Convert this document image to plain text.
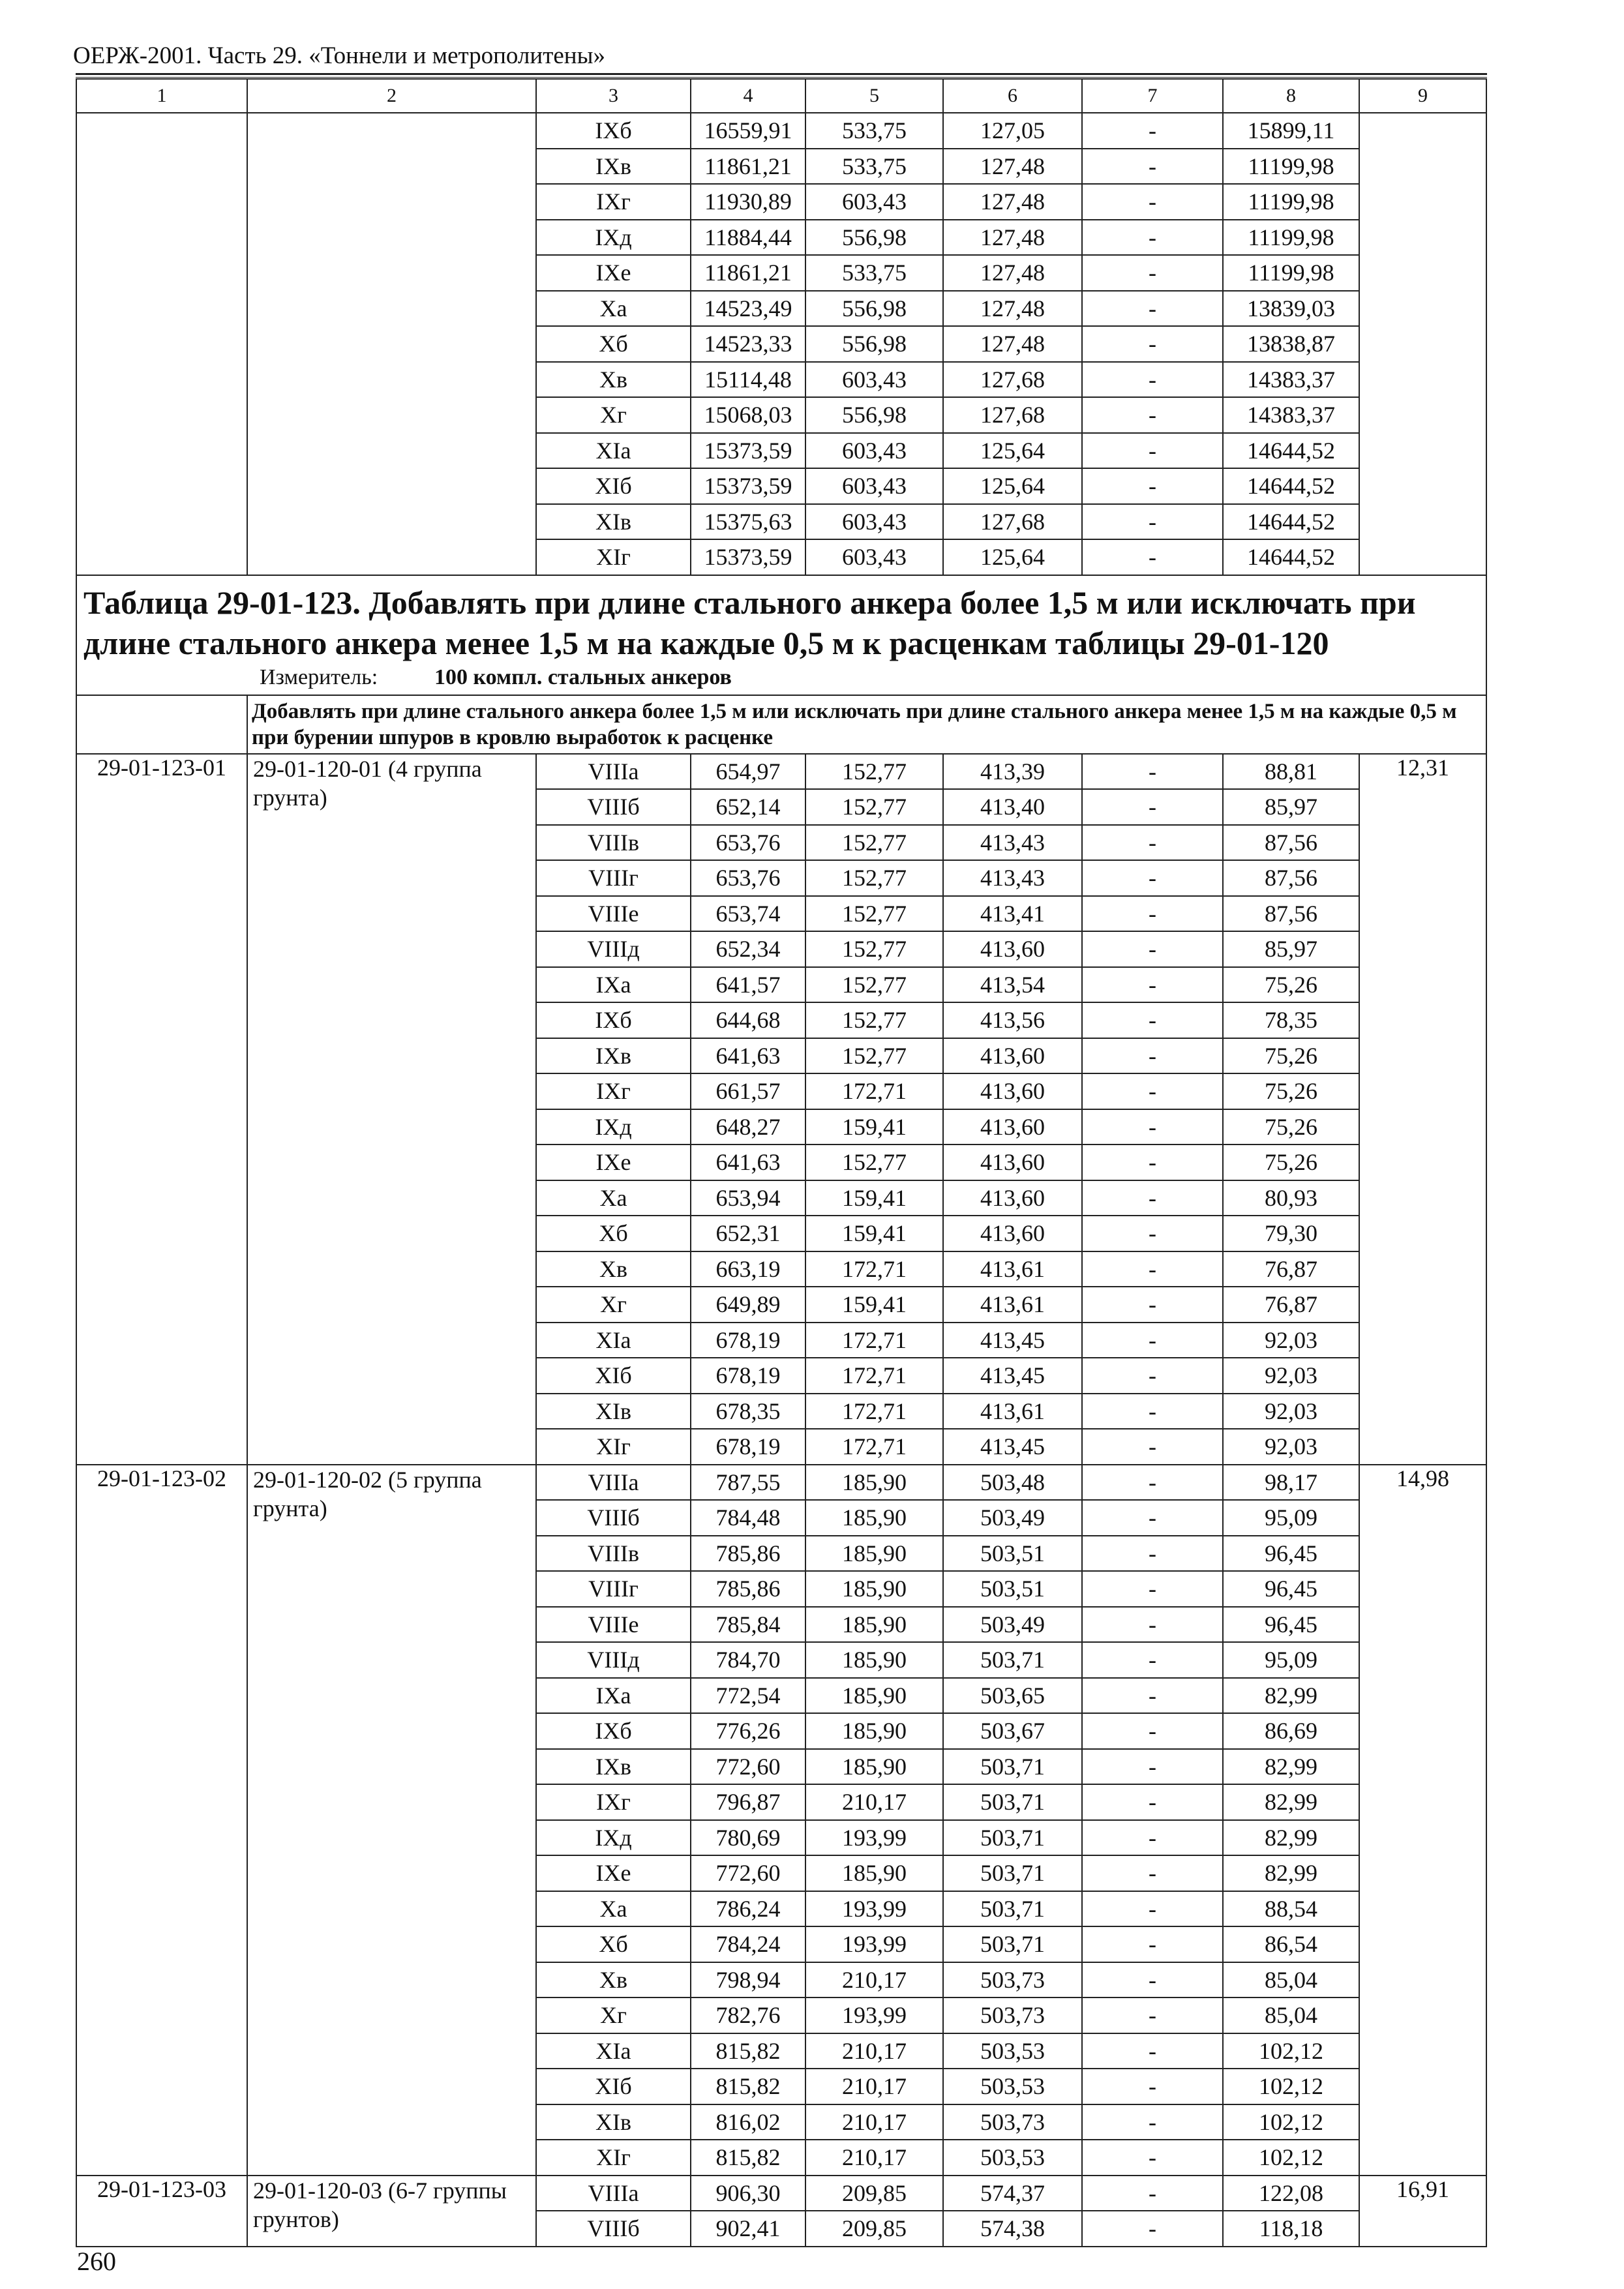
ОЕРЖ-2001. Часть 29. «Тоннели и метрополитены»
1	2	3	4	5	6	7	8	9
		IXб	16559,91	533,75	127,05	-	15899,11	
		IXв	11861,21	533,75	127,48	-	11199,98	
		IXг	11930,89	603,43	127,48	-	11199,98	
		IXд	11884,44	556,98	127,48	-	11199,98	
		IXе	11861,21	533,75	127,48	-	11199,98	
		Xа	14523,49	556,98	127,48	-	13839,03	
		Xб	14523,33	556,98	127,48	-	13838,87	
		Xв	15114,48	603,43	127,68	-	14383,37	
		Xг	15068,03	556,98	127,68	-	14383,37	
		XIа	15373,59	603,43	125,64	-	14644,52	
		XIб	15373,59	603,43	125,64	-	14644,52	
		XIв	15375,63	603,43	127,68	-	14644,52	
		XIг	15373,59	603,43	125,64	-	14644,52	

Таблица 29-01-123. Добавлять при длине стального анкера более 1,5 м или исключать при длине стального анкера менее 1,5 м на каждые 0,5 м к расценкам таблицы 29-01-120
Измеритель: 100 компл. стальных анкеров								

	Добавлять при длине стального анкера более 1,5 м или исключать при длине стального анкера менее 1,5 м на каждые 0,5 м при бурении шпуров в кровлю выработок к расценке							

29-01-123-01	29-01-120-01 (4 группа грунта)	VIIIа	654,97	152,77	413,39	-	88,81	12,31
		VIIIб	652,14	152,77	413,40	-	85,97	
		VIIIв	653,76	152,77	413,43	-	87,56	
		VIIIг	653,76	152,77	413,43	-	87,56	
		VIIIе	653,74	152,77	413,41	-	87,56	
		VIIIд	652,34	152,77	413,60	-	85,97	
		IXа	641,57	152,77	413,54	-	75,26	
		IXб	644,68	152,77	413,56	-	78,35	
		IXв	641,63	152,77	413,60	-	75,26	
		IXг	661,57	172,71	413,60	-	75,26	
		IXд	648,27	159,41	413,60	-	75,26	
		IXе	641,63	152,77	413,60	-	75,26	
		Xа	653,94	159,41	413,60	-	80,93	
		Xб	652,31	159,41	413,60	-	79,30	
		Xв	663,19	172,71	413,61	-	76,87	
		Xг	649,89	159,41	413,61	-	76,87	
		XIа	678,19	172,71	413,45	-	92,03	
		XIб	678,19	172,71	413,45	-	92,03	
		XIв	678,35	172,71	413,61	-	92,03	
		XIг	678,19	172,71	413,45	-	92,03	
29-01-123-02	29-01-120-02 (5 группа грунта)	VIIIа	787,55	185,90	503,48	-	98,17	14,98
		VIIIб	784,48	185,90	503,49	-	95,09	
		VIIIв	785,86	185,90	503,51	-	96,45	
		VIIIг	785,86	185,90	503,51	-	96,45	
		VIIIе	785,84	185,90	503,49	-	96,45	
		VIIIд	784,70	185,90	503,71	-	95,09	
		IXа	772,54	185,90	503,65	-	82,99	
		IXб	776,26	185,90	503,67	-	86,69	
		IXв	772,60	185,90	503,71	-	82,99	
		IXг	796,87	210,17	503,71	-	82,99	
		IXд	780,69	193,99	503,71	-	82,99	
		IXе	772,60	185,90	503,71	-	82,99	
		Xа	786,24	193,99	503,71	-	88,54	
		Xб	784,24	193,99	503,71	-	86,54	
		Xв	798,94	210,17	503,73	-	85,04	
		Xг	782,76	193,99	503,73	-	85,04	
		XIа	815,82	210,17	503,53	-	102,12	
		XIб	815,82	210,17	503,53	-	102,12	
		XIв	816,02	210,17	503,73	-	102,12	
		XIг	815,82	210,17	503,53	-	102,12	
29-01-123-03	29-01-120-03 (6-7 группы грунтов)	VIIIа	906,30	209,85	574,37	-	122,08	16,91
		VIIIб	902,41	209,85	574,38	-	118,18	
260
